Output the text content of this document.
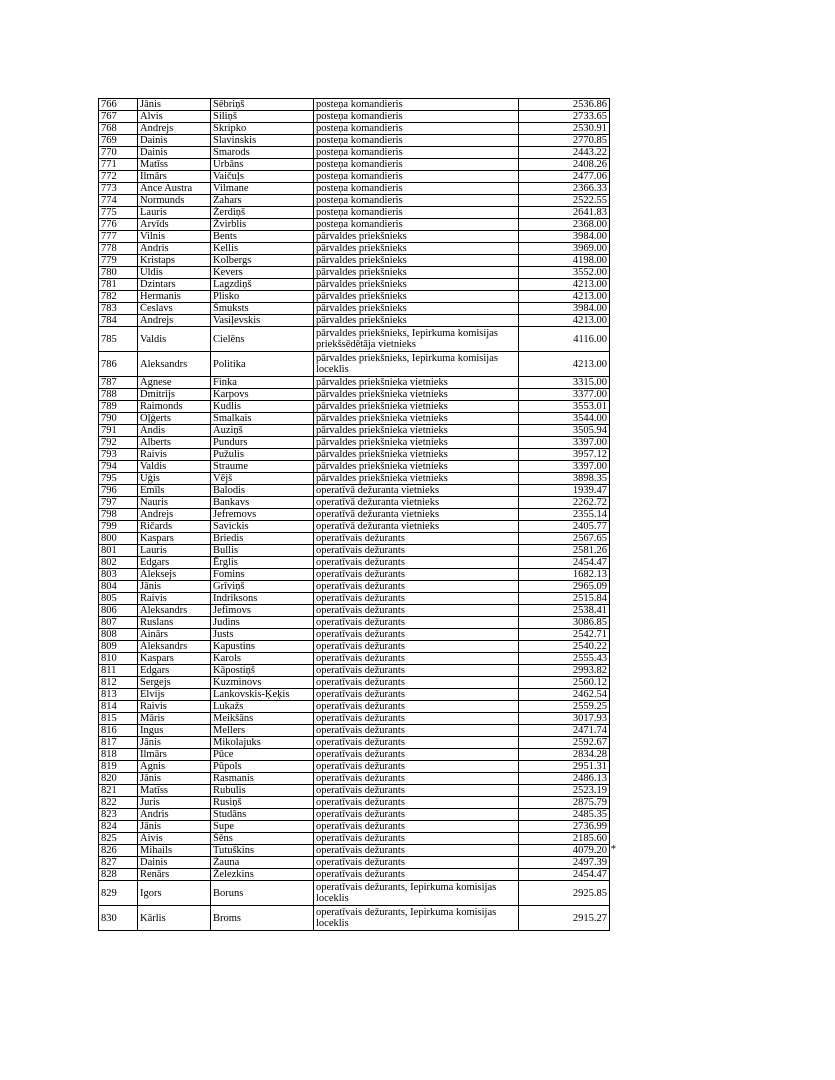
766	Jānis	Sēbriņš	posteņa komandieris	2536.86
767	Alvis	Siliņš	posteņa komandieris	2733.65
768	Andrejs	Skripko	posteņa komandieris	2530.91
769	Dainis	Slavinskis	posteņa komandieris	2770.85
770	Dainis	Smarods	posteņa komandieris	2443.22
771	Matīss	Urbāns	posteņa komandieris	2408.26
772	Ilmārs	Vaičuļs	posteņa komandieris	2477.06
773	Ance Austra	Vilmane	posteņa komandieris	2366.33
774	Normunds	Zahars	posteņa komandieris	2522.55
775	Lauris	Žerdiņš	posteņa komandieris	2641.83
776	Arvīds	Žvirblis	posteņa komandieris	2368.00
777	Vilnis	Bents	pārvaldes priekšnieks	3984.00
778	Andris	Kellis	pārvaldes priekšnieks	3969.00
779	Kristaps	Kolbergs	pārvaldes priekšnieks	4198.00
780	Uldis	Kevers	pārvaldes priekšnieks	3552.00
781	Dzintars	Lagzdiņš	pārvaldes priekšnieks	4213.00
782	Hermanis	Plisko	pārvaldes priekšnieks	4213.00
783	Česlavs	Šmuksts	pārvaldes priekšnieks	3984.00
784	Andrejs	Vasiļevskis	pārvaldes priekšnieks	4213.00
785	Valdis	Cielēns	pārvaldes priekšnieks, Iepirkuma komisijas priekšsēdētāja vietnieks	4116.00
786	Aleksandrs	Politika	pārvaldes priekšnieks, Iepirkuma komisijas loceklis	4213.00
787	Agnese	Finka	pārvaldes priekšnieka vietnieks	3315.00
788	Dmitrijs	Karpovs	pārvaldes priekšnieka vietnieks	3377.00
789	Raimonds	Kudlis	pārvaldes priekšnieka vietnieks	3553.01
790	Oļģerts	Smalkais	pārvaldes priekšnieka vietnieks	3544.00
791	Andis	Auziņš	pārvaldes priekšnieka vietnieks	3505.94
792	Alberts	Pundurs	pārvaldes priekšnieka vietnieks	3397.00
793	Raivis	Pužulis	pārvaldes priekšnieka vietnieks	3957.12
794	Valdis	Straume	pārvaldes priekšnieka vietnieks	3397.00
795	Uģis	Vējš	pārvaldes priekšnieka vietnieks	3898.35
796	Emīls	Balodis	operatīvā dežuranta vietnieks	1939.47
797	Nauris	Bankavs	operatīvā dežuranta vietnieks	2262.72
798	Andrejs	Jefremovs	operatīvā dežuranta vietnieks	2355.14
799	Ričards	Savickis	operatīvā dežuranta vietnieks	2405.77
800	Kaspars	Briedis	operatīvais dežurants	2567.65
801	Lauris	Bullis	operatīvais dežurants	2581.26
802	Edgars	Ērglis	operatīvais dežurants	2454.47
803	Aleksejs	Fomins	operatīvais dežurants	1682.13
804	Jānis	Grīviņš	operatīvais dežurants	2965.09
805	Raivis	Indriksons	operatīvais dežurants	2515.84
806	Aleksandrs	Jefimovs	operatīvais dežurants	2538.41
807	Ruslans	Judins	operatīvais dežurants	3086.85
808	Ainārs	Justs	operatīvais dežurants	2542.71
809	Aleksandrs	Kapustins	operatīvais dežurants	2540.22
810	Kaspars	Karols	operatīvais dežurants	2555.43
811	Edgars	Kāpostiņš	operatīvais dežurants	2993.82
812	Sergejs	Kuzminovs	operatīvais dežurants	2560.12
813	Elvijs	Lankovskis-Ķeķis	operatīvais dežurants	2462.54
814	Raivis	Lukažs	operatīvais dežurants	2559.25
815	Māris	Meikšāns	operatīvais dežurants	3017.93
816	Ingus	Mellers	operatīvais dežurants	2471.74
817	Jānis	Mikolajuks	operatīvais dežurants	2592.67
818	Ilmārs	Pūce	operatīvais dežurants	2834.28
819	Agnis	Pūpols	operatīvais dežurants	2951.31
820	Jānis	Rasmanis	operatīvais dežurants	2486.13
821	Matīss	Rubulis	operatīvais dežurants	2523.19
822	Juris	Rusiņš	operatīvais dežurants	2875.79
823	Andris	Studāns	operatīvais dežurants	2485.35
824	Jānis	Supe	operatīvais dežurants	2736.99
825	Aivis	Šēns	operatīvais dežurants	2185.60
826	Mihails	Tutuškins	operatīvais dežurants	4079.20 *

827	Dainis	Žauna	operatīvais dežurants	2497.39
828	Renārs	Železkins	operatīvais dežurants	2454.47
829	Igors	Boruns	operatīvais dežurants, Iepirkuma komisijas loceklis	2925.85
830	Kārlis	Broms	operatīvais dežurants, Iepirkuma komisijas loceklis	2915.27
